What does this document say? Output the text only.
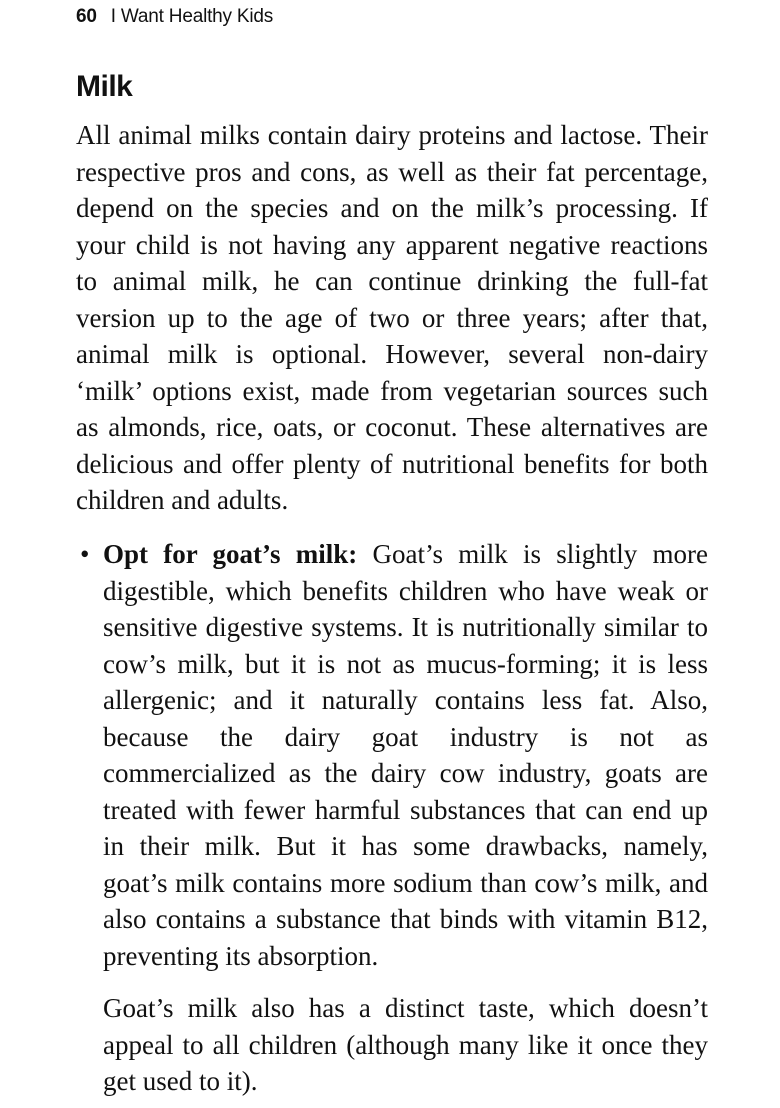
60 I Want Healthy Kids
Milk

All animal milks contain dairy proteins and lactose. Their respective pros and cons, as well as their fat percentage, depend on the species and on the milk’s processing. If your child is not having any apparent negative reactions to animal milk, he can continue drinking the full-fat version up to the age of two or three years; after that, animal milk is optional. However, several non-dairy ‘milk’ options exist, made from vegetarian sources such as almonds, rice, oats, or coconut. These alternatives are delicious and offer plenty of nutritional benefits for both children and adults.

• Opt for goat’s milk: Goat’s milk is slightly more digestible, which benefits children who have weak or sensitive digestive systems. It is nutritionally similar to cow’s milk, but it is not as mucus-forming; it is less allergenic; and it naturally contains less fat. Also, because the dairy goat industry is not as commercialized as the dairy cow industry, goats are treated with fewer harmful substances that can end up in their milk. But it has some drawbacks, namely, goat’s milk contains more sodium than cow’s milk, and also contains a substance that binds with vitamin B12, preventing its absorption.

Goat’s milk also has a distinct taste, which doesn’t appeal to all children (although many like it once they get used to it).
